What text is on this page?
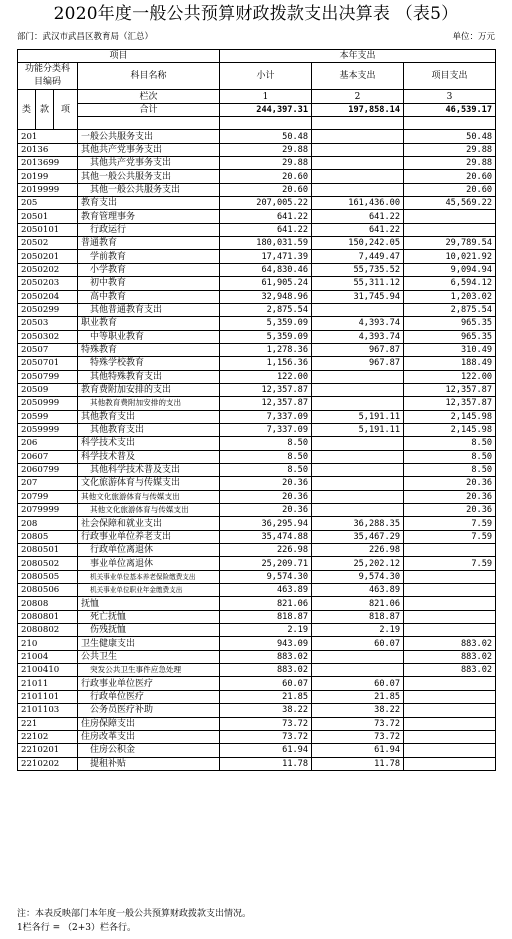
2020年度一般公共预算财政拨款支出决算表 （表5）
部门：武汉市武昌区教育局（汇总）	单位：万元
项目				本年支出		
功能分类科目编码			科目名称	小计	基本支出	项目支出

类	款	项	栏次	1	2	3
			合计	244,397.31	197,858.14	46,539.17

201			一般公共服务支出	50.48		50.48
20136			其他共产党事务支出	29.88		29.88
2013699			其他共产党事务支出	29.88		29.88
20199			其他一般公共服务支出	20.60		20.60
2019999			其他一般公共服务支出	20.60		20.60
205			教育支出	207,005.22	161,436.00	45,569.22
20501			教育管理事务	641.22	641.22	
2050101			行政运行	641.22	641.22	
20502			普通教育	180,031.59	150,242.05	29,789.54
2050201			学前教育	17,471.39	7,449.47	10,021.92
2050202			小学教育	64,830.46	55,735.52	9,094.94
2050203			初中教育	61,905.24	55,311.12	6,594.12
2050204			高中教育	32,948.96	31,745.94	1,203.02
2050299			其他普通教育支出	2,875.54		2,875.54
20503			职业教育	5,359.09	4,393.74	965.35
2050302			中等职业教育	5,359.09	4,393.74	965.35
20507			特殊教育	1,278.36	967.87	310.49
2050701			特殊学校教育	1,156.36	967.87	188.49
2050799			其他特殊教育支出	122.00		122.00
20509			教育费附加安排的支出	12,357.87		12,357.87
2050999			其他教育费附加安排的支出	12,357.87		12,357.87
20599			其他教育支出	7,337.09	5,191.11	2,145.98
2059999			其他教育支出	7,337.09	5,191.11	2,145.98
206			科学技术支出	8.50		8.50
20607			科学技术普及	8.50		8.50
2060799			其他科学技术普及支出	8.50		8.50
207			文化旅游体育与传媒支出	20.36		20.36
20799			其他文化旅游体育与传媒支出	20.36		20.36
2079999			其他文化旅游体育与传媒支出	20.36		20.36
208			社会保障和就业支出	36,295.94	36,288.35	7.59
20805			行政事业单位养老支出	35,474.88	35,467.29	7.59
2080501			行政单位离退休	226.98	226.98	
2080502			事业单位离退休	25,209.71	25,202.12	7.59
2080505			机关事业单位基本养老保险缴费支出	9,574.30	9,574.30	
2080506			机关事业单位职业年金缴费支出	463.89	463.89	
20808			抚恤	821.06	821.06	
2080801			死亡抚恤	818.87	818.87	
2080802			伤残抚恤	2.19	2.19	
210			卫生健康支出	943.09	60.07	883.02
21004			公共卫生	883.02		883.02
2100410			突发公共卫生事件应急处理	883.02		883.02
21011			行政事业单位医疗	60.07	60.07	
2101101			行政单位医疗	21.85	21.85	
2101103			公务员医疗补助	38.22	38.22	
221			住房保障支出	73.72	73.72	
22102			住房改革支出	73.72	73.72	
2210201			住房公积金	61.94	61.94	
2210202			提租补贴	11.78	11.78	
注：本表反映部门本年度一般公共预算财政拨款支出情况。
1栏各行 = （2+3）栏各行。
